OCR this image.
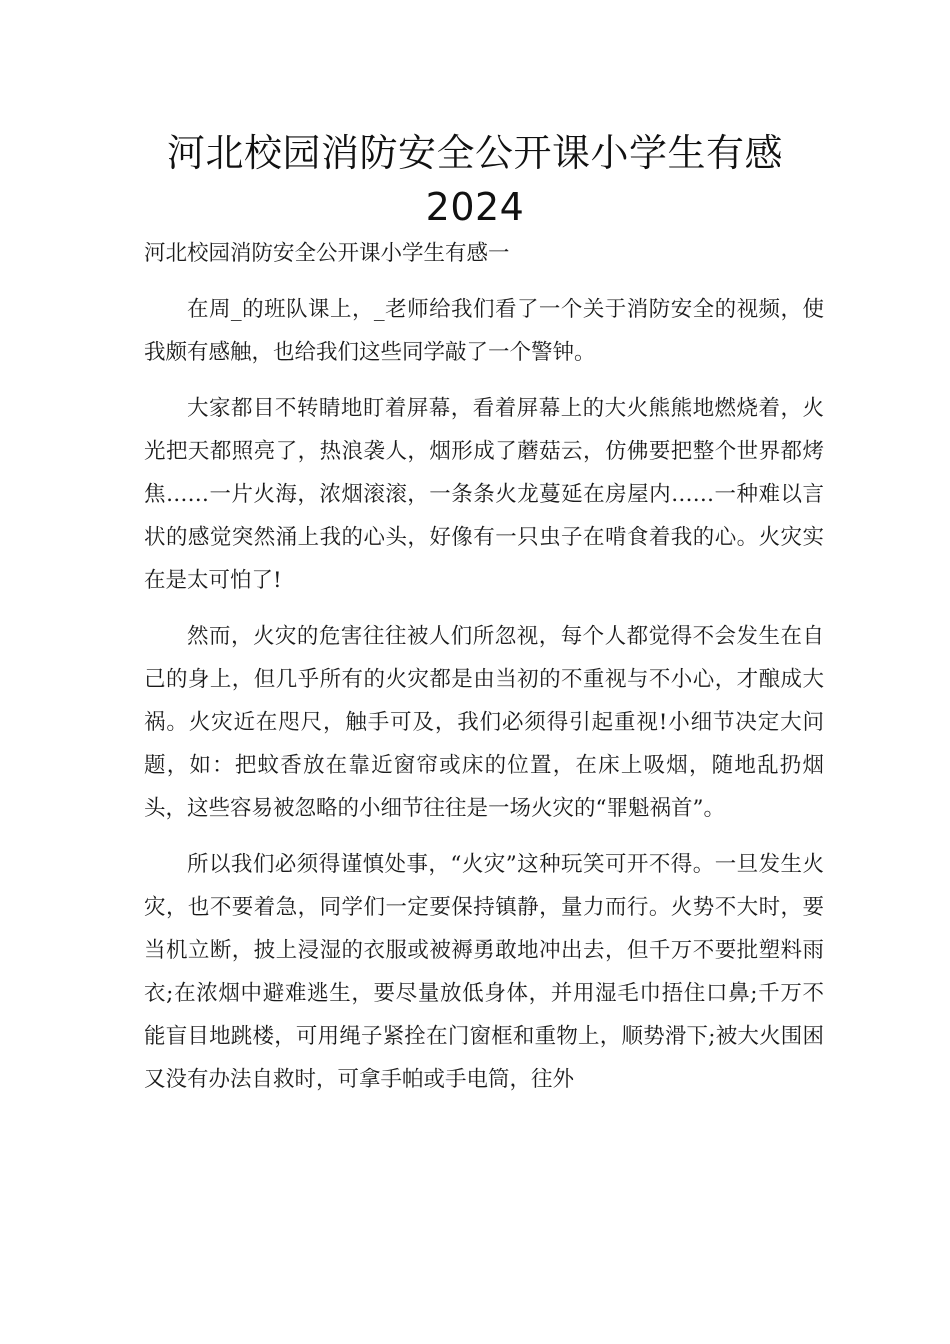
河北校园消防安全公开课小学生有感
2024

河北校园消防安全公开课小学生有感一

在周_的班队课上，_老师给我们看了一个关于消防安全的视频，使我颇有感触，也给我们这些同学敲了一个警钟。

大家都目不转睛地盯着屏幕，看着屏幕上的大火熊熊地燃烧着，火光把天都照亮了，热浪袭人，烟形成了蘑菇云，仿佛要把整个世界都烤焦……一片火海，浓烟滚滚，一条条火龙蔓延在房屋内……一种难以言状的感觉突然涌上我的心头，好像有一只虫子在啃食着我的心。火灾实在是太可怕了!

然而，火灾的危害往往被人们所忽视，每个人都觉得不会发生在自己的身上，但几乎所有的火灾都是由当初的不重视与不小心，才酿成大祸。火灾近在咫尺，触手可及，我们必须得引起重视!小细节决定大问题，如：把蚊香放在靠近窗帘或床的位置，在床上吸烟，随地乱扔烟头，这些容易被忽略的小细节往往是一场火灾的“罪魁祸首”。

所以我们必须得谨慎处事，“火灾”这种玩笑可开不得。一旦发生火灾，也不要着急，同学们一定要保持镇静，量力而行。火势不大时，要当机立断，披上浸湿的衣服或被褥勇敢地冲出去，但千万不要批塑料雨衣;在浓烟中避难逃生，要尽量放低身体，并用湿毛巾捂住口鼻;千万不能盲目地跳楼，可用绳子紧拴在门窗框和重物上，顺势滑下;被大火围困又没有办法自救时，可拿手帕或手电筒，往外
